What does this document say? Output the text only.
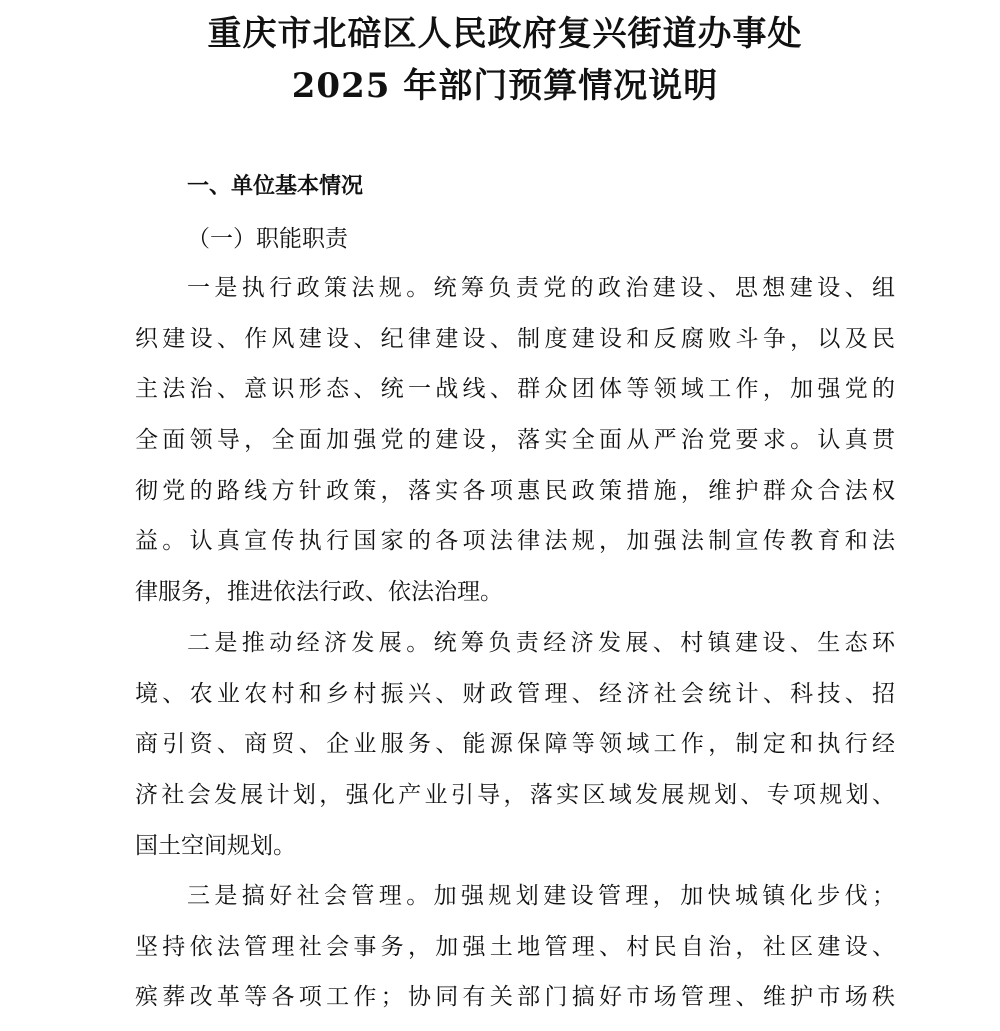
重庆市北碚区人民政府复兴街道办事处
2025 年部门预算情况说明
一、单位基本情况
（一）职能职责
一是执行政策法规。统筹负责党的政治建设、思想建设、组
织建设、作风建设、纪律建设、制度建设和反腐败斗争，以及民
主法治、意识形态、统一战线、群众团体等领域工作，加强党的
全面领导，全面加强党的建设，落实全面从严治党要求。认真贯
彻党的路线方针政策，落实各项惠民政策措施，维护群众合法权
益。认真宣传执行国家的各项法律法规，加强法制宣传教育和法
律服务，推进依法行政、依法治理。
二是推动经济发展。统筹负责经济发展、村镇建设、生态环
境、农业农村和乡村振兴、财政管理、经济社会统计、科技、招
商引资、商贸、企业服务、能源保障等领域工作，制定和执行经
济社会发展计划，强化产业引导，落实区域发展规划、专项规划、
国土空间规划。
三是搞好社会管理。加强规划建设管理，加快城镇化步伐；
坚持依法管理社会事务，加强土地管理、村民自治，社区建设、
殡葬改革等各项工作；协同有关部门搞好市场管理、维护市场秩
